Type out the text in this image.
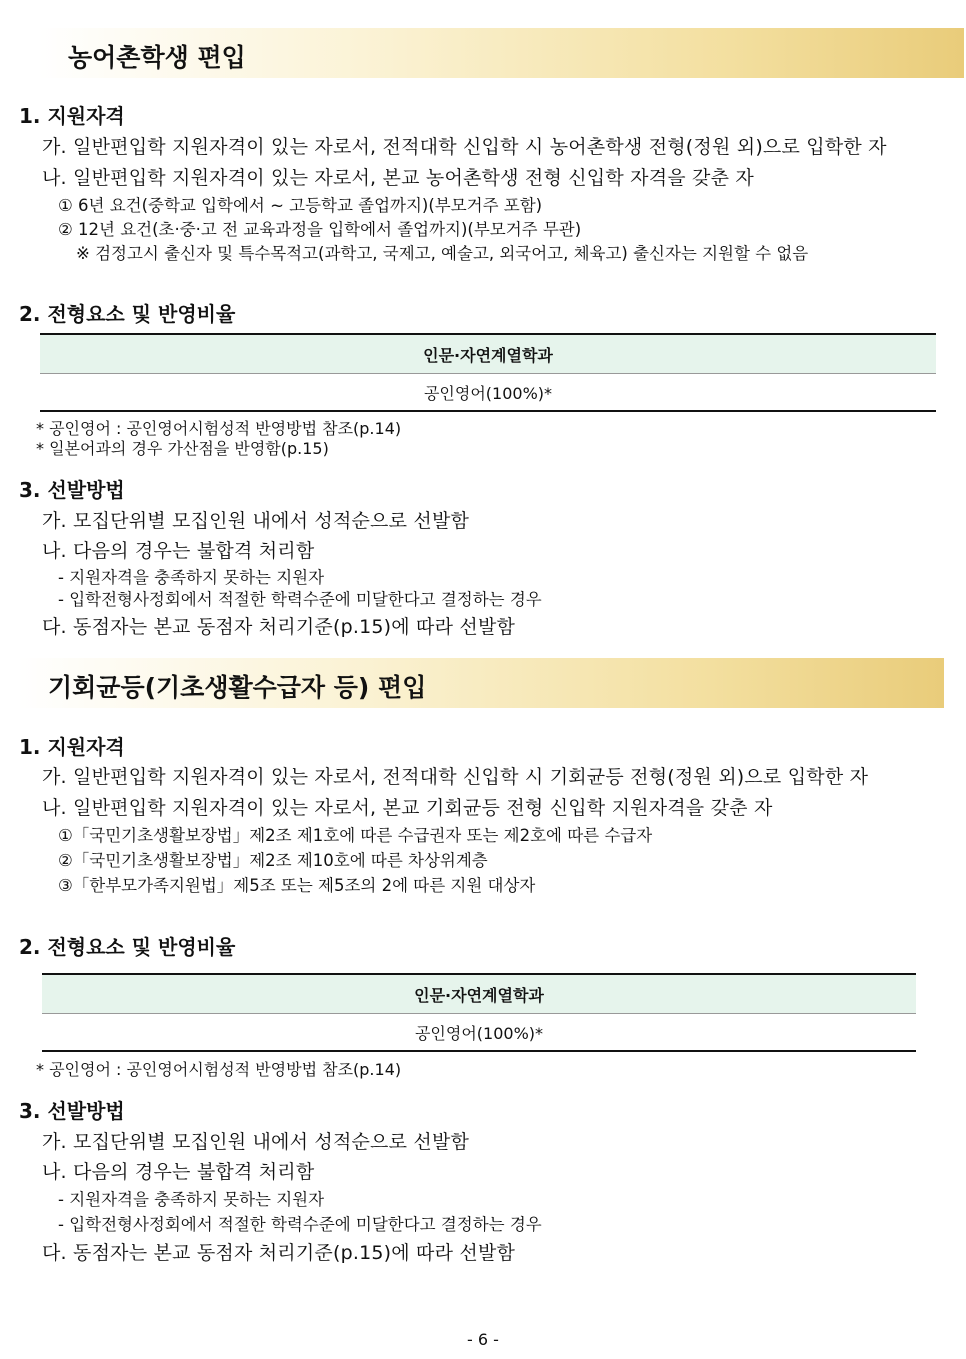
농어촌학생 편입
1. 지원자격
가. 일반편입학 지원자격이 있는 자로서, 전적대학 신입학 시 농어촌학생 전형(정원 외)으로 입학한 자
나. 일반편입학 지원자격이 있는 자로서, 본교 농어촌학생 전형 신입학 자격을 갖춘 자
① 6년 요건(중학교 입학에서 ~ 고등학교 졸업까지)(부모거주 포함)
② 12년 요건(초·중·고 전 교육과정을 입학에서 졸업까지)(부모거주 무관)
※ 검정고시 출신자 및 특수목적고(과학고, 국제고, 예술고, 외국어고, 체육고) 출신자는 지원할 수 없음
2. 전형요소 및 반영비율
인문·자연계열학과
공인영어(100%)*
* 공인영어 : 공인영어시험성적 반영방법 참조(p.14)
* 일본어과의 경우 가산점을 반영함(p.15)
3. 선발방법
가. 모집단위별 모집인원 내에서 성적순으로 선발함
나. 다음의 경우는 불합격 처리함
- 지원자격을 충족하지 못하는 지원자
- 입학전형사정회에서 적절한 학력수준에 미달한다고 결정하는 경우
다. 동점자는 본교 동점자 처리기준(p.15)에 따라 선발함
기회균등(기초생활수급자 등) 편입
1. 지원자격
가. 일반편입학 지원자격이 있는 자로서, 전적대학 신입학 시 기회균등 전형(정원 외)으로 입학한 자
나. 일반편입학 지원자격이 있는 자로서, 본교 기회균등 전형 신입학 지원자격을 갖춘 자
①「국민기초생활보장법」제2조 제1호에 따른 수급권자 또는 제2호에 따른 수급자
②「국민기초생활보장법」제2조 제10호에 따른 차상위계층
③「한부모가족지원법」제5조 또는 제5조의 2에 따른 지원 대상자
2. 전형요소 및 반영비율
인문·자연계열학과
공인영어(100%)*
* 공인영어 : 공인영어시험성적 반영방법 참조(p.14)
3. 선발방법
가. 모집단위별 모집인원 내에서 성적순으로 선발함
나. 다음의 경우는 불합격 처리함
- 지원자격을 충족하지 못하는 지원자
- 입학전형사정회에서 적절한 학력수준에 미달한다고 결정하는 경우
다. 동점자는 본교 동점자 처리기준(p.15)에 따라 선발함
- 6 -
